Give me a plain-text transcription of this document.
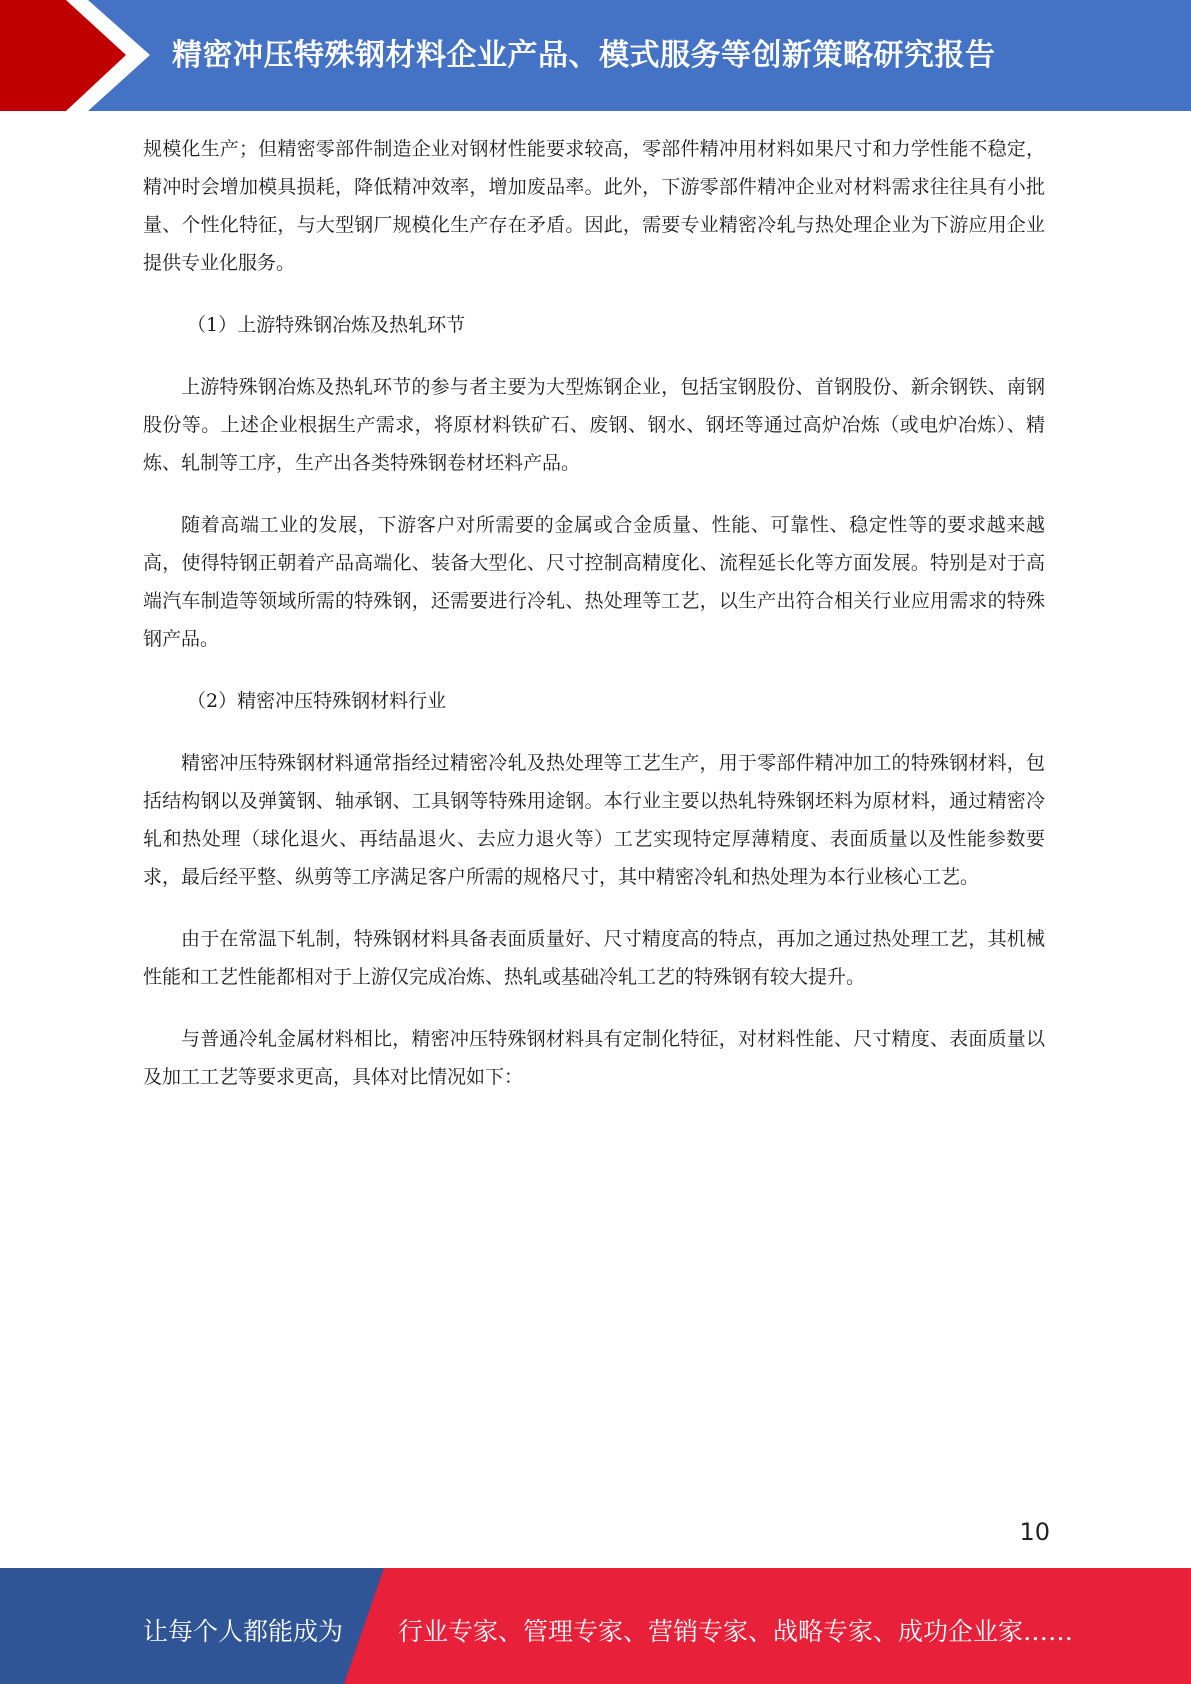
精密冲压特殊钢材料企业产品、模式服务等创新策略研究报告

规模化生产；但精密零部件制造企业对钢材性能要求较高，零部件精冲用材料如果尺寸和力学性能不稳定，精冲时会增加模具损耗，降低精冲效率，增加废品率。此外，下游零部件精冲企业对材料需求往往具有小批量、个性化特征，与大型钢厂规模化生产存在矛盾。因此，需要专业精密冷轧与热处理企业为下游应用企业提供专业化服务。

（1）上游特殊钢冶炼及热轧环节

上游特殊钢冶炼及热轧环节的参与者主要为大型炼钢企业，包括宝钢股份、首钢股份、新余钢铁、南钢股份等。上述企业根据生产需求，将原材料铁矿石、废钢、钢水、钢坯等通过高炉冶炼（或电炉冶炼）、精炼、轧制等工序，生产出各类特殊钢卷材坯料产品。

随着高端工业的发展，下游客户对所需要的金属或合金质量、性能、可靠性、稳定性等的要求越来越高，使得特钢正朝着产品高端化、装备大型化、尺寸控制高精度化、流程延长化等方面发展。特别是对于高端汽车制造等领域所需的特殊钢，还需要进行冷轧、热处理等工艺，以生产出符合相关行业应用需求的特殊钢产品。

（2）精密冲压特殊钢材料行业

精密冲压特殊钢材料通常指经过精密冷轧及热处理等工艺生产，用于零部件精冲加工的特殊钢材料，包括结构钢以及弹簧钢、轴承钢、工具钢等特殊用途钢。本行业主要以热轧特殊钢坯料为原材料，通过精密冷轧和热处理（球化退火、再结晶退火、去应力退火等）工艺实现特定厚薄精度、表面质量以及性能参数要求，最后经平整、纵剪等工序满足客户所需的规格尺寸，其中精密冷轧和热处理为本行业核心工艺。

由于在常温下轧制，特殊钢材料具备表面质量好、尺寸精度高的特点，再加之通过热处理工艺，其机械性能和工艺性能都相对于上游仅完成冶炼、热轧或基础冷轧工艺的特殊钢有较大提升。

与普通冷轧金属材料相比，精密冲压特殊钢材料具有定制化特征，对材料性能、尺寸精度、表面质量以及加工工艺等要求更高，具体对比情况如下：

10
让每个人都能成为 行业专家、管理专家、营销专家、战略专家、成功企业家……
